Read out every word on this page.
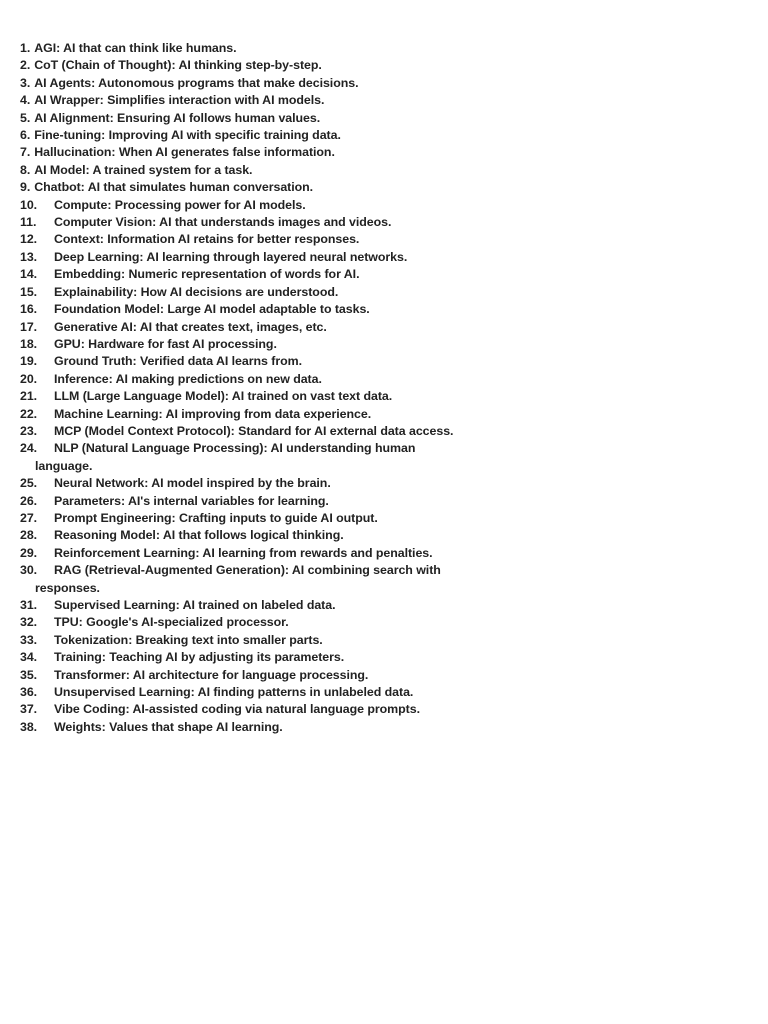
1. AGI: AI that can think like humans.
2. CoT (Chain of Thought): AI thinking step-by-step.
3. AI Agents: Autonomous programs that make decisions.
4. AI Wrapper: Simplifies interaction with AI models.
5. AI Alignment: Ensuring AI follows human values.
6. Fine-tuning: Improving AI with specific training data.
7. Hallucination: When AI generates false information.
8. AI Model: A trained system for a task.
9. Chatbot: AI that simulates human conversation.
10. Compute: Processing power for AI models.
11. Computer Vision: AI that understands images and videos.
12. Context: Information AI retains for better responses.
13. Deep Learning: AI learning through layered neural networks.
14. Embedding: Numeric representation of words for AI.
15. Explainability: How AI decisions are understood.
16. Foundation Model: Large AI model adaptable to tasks.
17. Generative AI: AI that creates text, images, etc.
18. GPU: Hardware for fast AI processing.
19. Ground Truth: Verified data AI learns from.
20. Inference: AI making predictions on new data.
21. LLM (Large Language Model): AI trained on vast text data.
22. Machine Learning: AI improving from data experience.
23. MCP (Model Context Protocol): Standard for AI external data access.
24. NLP (Natural Language Processing): AI understanding human language.
25. Neural Network: AI model inspired by the brain.
26. Parameters: AI's internal variables for learning.
27. Prompt Engineering: Crafting inputs to guide AI output.
28. Reasoning Model: AI that follows logical thinking.
29. Reinforcement Learning: AI learning from rewards and penalties.
30. RAG (Retrieval-Augmented Generation): AI combining search with responses.
31. Supervised Learning: AI trained on labeled data.
32. TPU: Google's AI-specialized processor.
33. Tokenization: Breaking text into smaller parts.
34. Training: Teaching AI by adjusting its parameters.
35. Transformer: AI architecture for language processing.
36. Unsupervised Learning: AI finding patterns in unlabeled data.
37. Vibe Coding: AI-assisted coding via natural language prompts.
38. Weights: Values that shape AI learning.
